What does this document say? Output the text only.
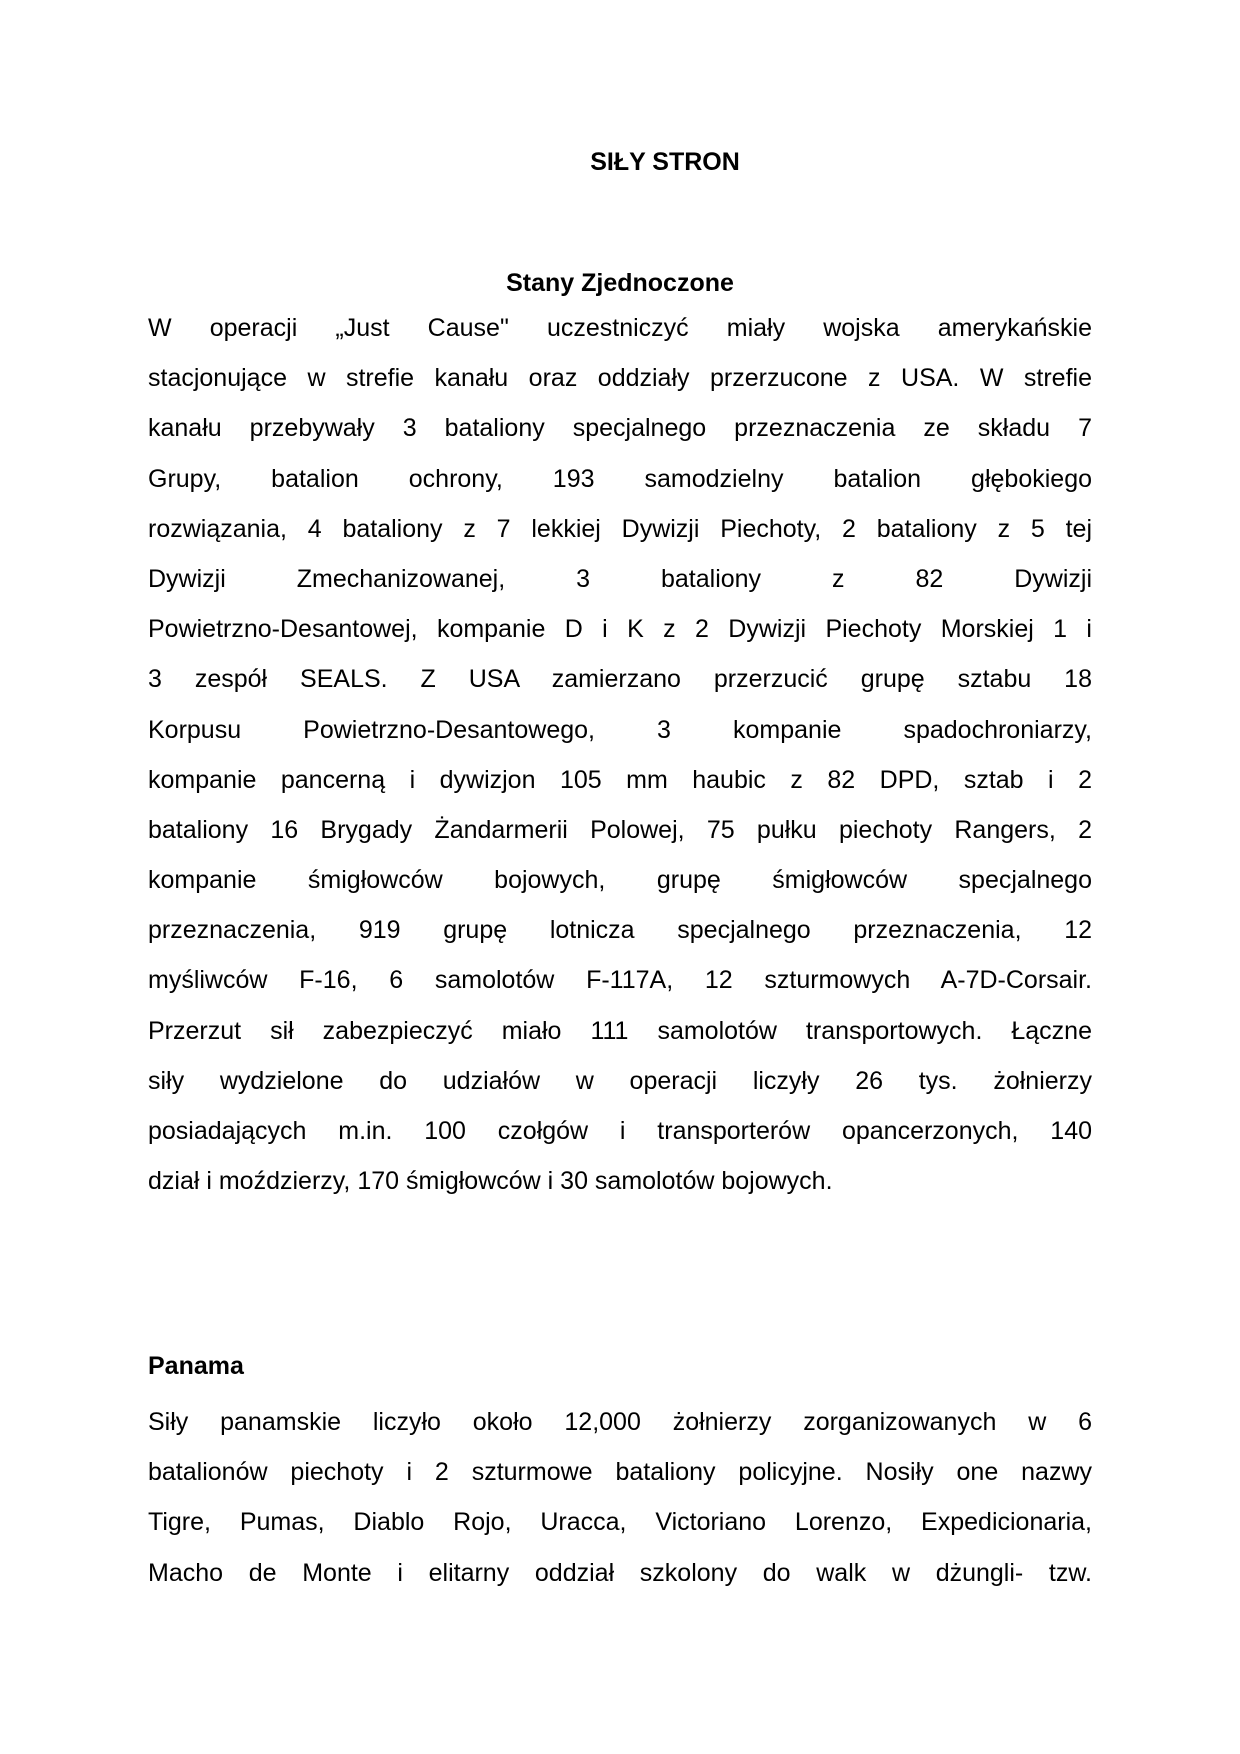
SIŁY STRON
Stany Zjednoczone
W operacji „Just Cause" uczestniczyć miały wojska amerykańskie
stacjonujące w strefie kanału oraz oddziały przerzucone z USA. W strefie
kanału przebywały 3 bataliony specjalnego przeznaczenia ze składu 7
Grupy, batalion ochrony, 193 samodzielny batalion głębokiego
rozwiązania, 4 bataliony z 7 lekkiej Dywizji Piechoty, 2 bataliony z 5 tej
Dywizji Zmechanizowanej, 3 bataliony z 82 Dywizji
Powietrzno-Desantowej, kompanie D i K z 2 Dywizji Piechoty Morskiej 1 i
3 zespół SEALS. Z USA zamierzano przerzucić grupę sztabu 18
Korpusu Powietrzno-Desantowego, 3 kompanie spadochroniarzy,
kompanie pancerną i dywizjon 105 mm haubic z 82 DPD, sztab i 2
bataliony 16 Brygady Żandarmerii Polowej, 75 pułku piechoty Rangers, 2
kompanie śmigłowców bojowych, grupę śmigłowców specjalnego
przeznaczenia, 919 grupę lotnicza specjalnego przeznaczenia, 12
myśliwców F-16, 6 samolotów F-117A, 12 szturmowych A-7D-Corsair.
Przerzut sił zabezpieczyć miało 111 samolotów transportowych. Łączne
siły wydzielone do udziałów w operacji liczyły 26 tys. żołnierzy
posiadających m.in. 100 czołgów i transporterów opancerzonych, 140
dział i moździerzy, 170 śmigłowców i 30 samolotów bojowych.
Panama
Siły panamskie liczyło około 12,000 żołnierzy zorganizowanych w 6
batalionów piechoty i 2 szturmowe bataliony policyjne. Nosiły one nazwy
Tigre, Pumas, Diablo Rojo, Uracca, Victoriano Lorenzo, Expedicionaria,
Macho de Monte i elitarny oddział szkolony do walk w dżungli- tzw.
